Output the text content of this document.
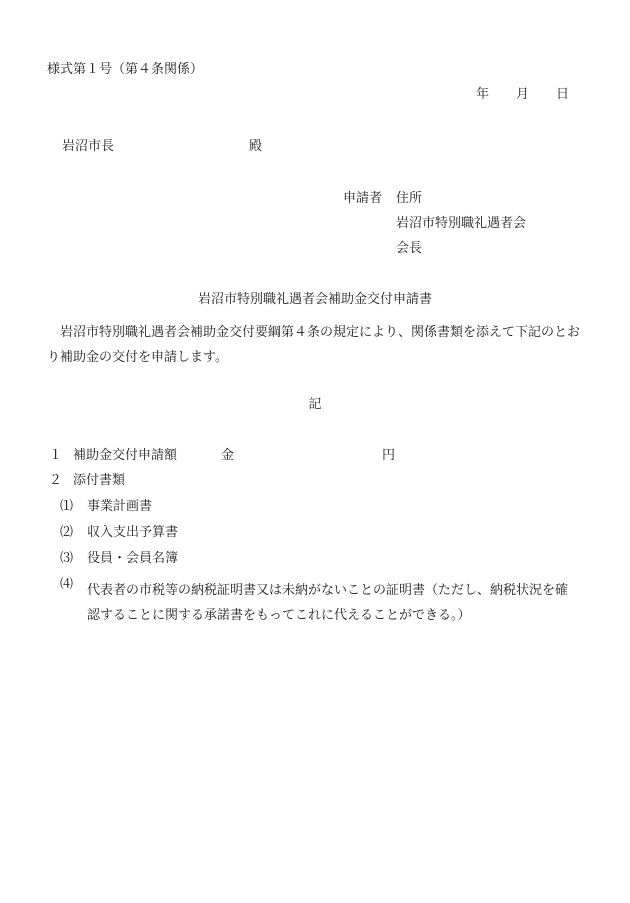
様式第１号（第４条関係）
年 月 日
岩沼市長	殿
申請者 住所
岩沼市特別職礼遇者会
会長
岩沼市特別職礼遇者会補助金交付申請書
岩沼市特別職礼遇者会補助金交付要綱第４条の規定により、関係書類を添えて下記のとおり補助金の交付を申請します。
記
１ 補助金交付申請額	金	円
２ 添付書類
⑴ 事業計画書
⑵ 収入支出予算書
⑶ 役員・会員名簿
⑷ 代表者の市税等の納税証明書又は未納がないことの証明書（ただし、納税状況を確
認することに関する承諾書をもってこれに代えることができる。）
